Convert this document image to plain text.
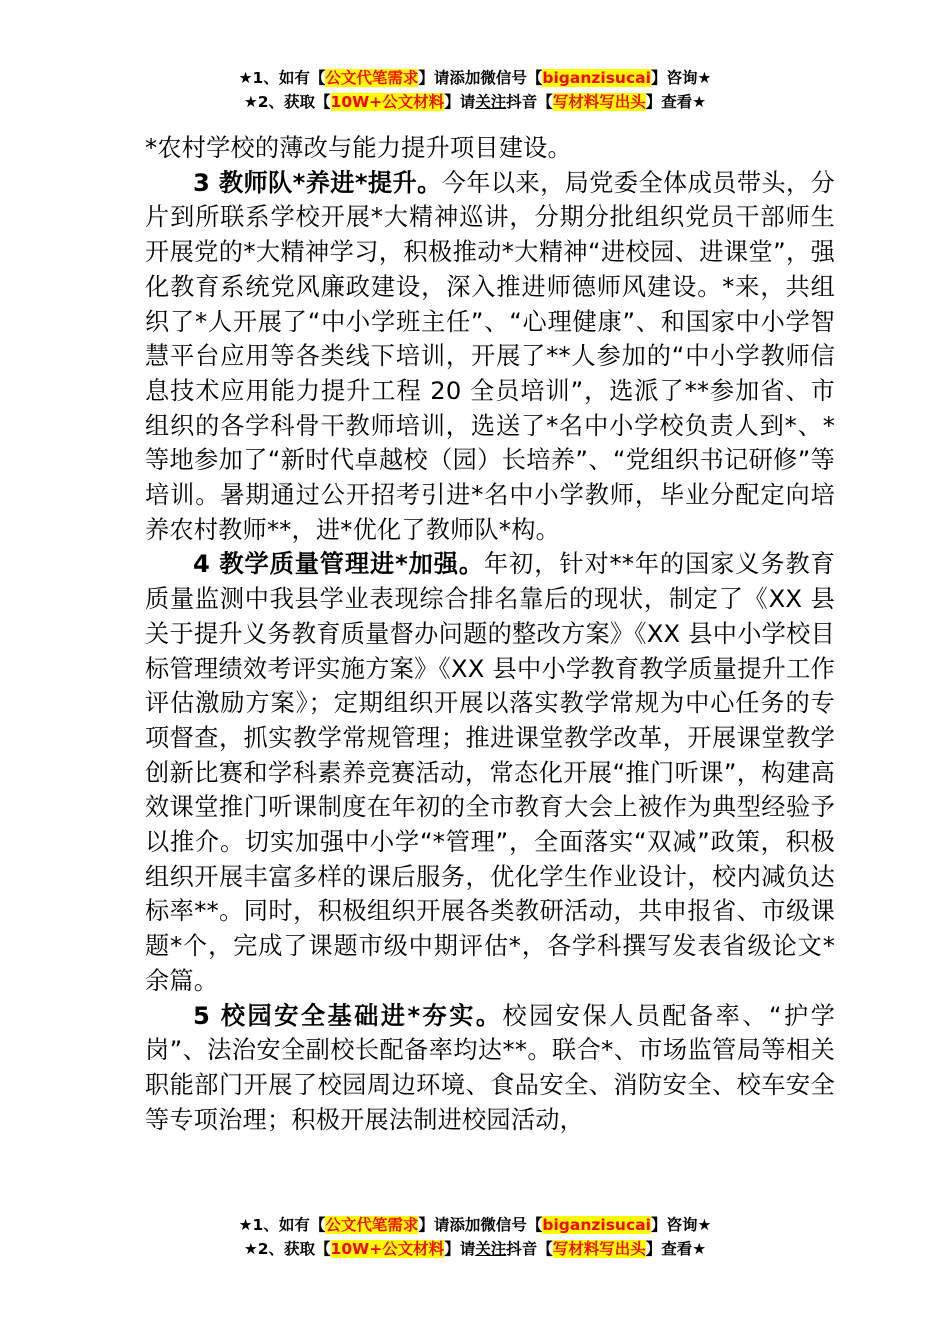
★1、如有【公文代笔需求】请添加微信号【biganzisucai】咨询★
★2、获取【10W+公文材料】请关注抖音【写材料写出头】查看★

*农村学校的薄改与能力提升项目建设。

3 教师队*养进*提升。今年以来，局党委全体成员带头，分片到所联系学校开展*大精神巡讲，分期分批组织党员干部师生开展党的*大精神学习，积极推动*大精神“进校园、进课堂”，强化教育系统党风廉政建设，深入推进师德师风建设。*来，共组织了*人开展了“中小学班主任”、“心理健康”、和国家中小学智慧平台应用等各类线下培训，开展了**人参加的“中小学教师信息技术应用能力提升工程 20 全员培训”，选派了**参加省、市组织的各学科骨干教师培训，选送了*名中小学校负责人到*、*等地参加了“新时代卓越校（园）长培养”、“党组织书记研修”等培训。暑期通过公开招考引进*名中小学教师，毕业分配定向培养农村教师**，进*优化了教师队*构。

4 教学质量管理进*加强。年初，针对**年的国家义务教育质量监测中我县学业表现综合排名靠后的现状，制定了《XX 县关于提升义务教育质量督办问题的整改方案》《XX 县中小学校目标管理绩效考评实施方案》《XX 县中小学教育教学质量提升工作评估激励方案》；定期组织开展以落实教学常规为中心任务的专项督查，抓实教学常规管理；推进课堂教学改革，开展课堂教学创新比赛和学科素养竞赛活动，常态化开展“推门听课”，构建高效课堂推门听课制度在年初的全市教育大会上被作为典型经验予以推介。切实加强中小学“*管理”，全面落实“双减”政策，积极组织开展丰富多样的课后服务，优化学生作业设计，校内减负达标率**。同时，积极组织开展各类教研活动，共申报省、市级课题*个，完成了课题市级中期评估*，各学科撰写发表省级论文*余篇。

5 校园安全基础进*夯实。校园安保人员配备率、“护学岗”、法治安全副校长配备率均达**。联合*、市场监管局等相关职能部门开展了校园周边环境、食品安全、消防安全、校车安全等专项治理；积极开展法制进校园活动，

★1、如有【公文代笔需求】请添加微信号【biganzisucai】咨询★
★2、获取【10W+公文材料】请关注抖音【写材料写出头】查看★
